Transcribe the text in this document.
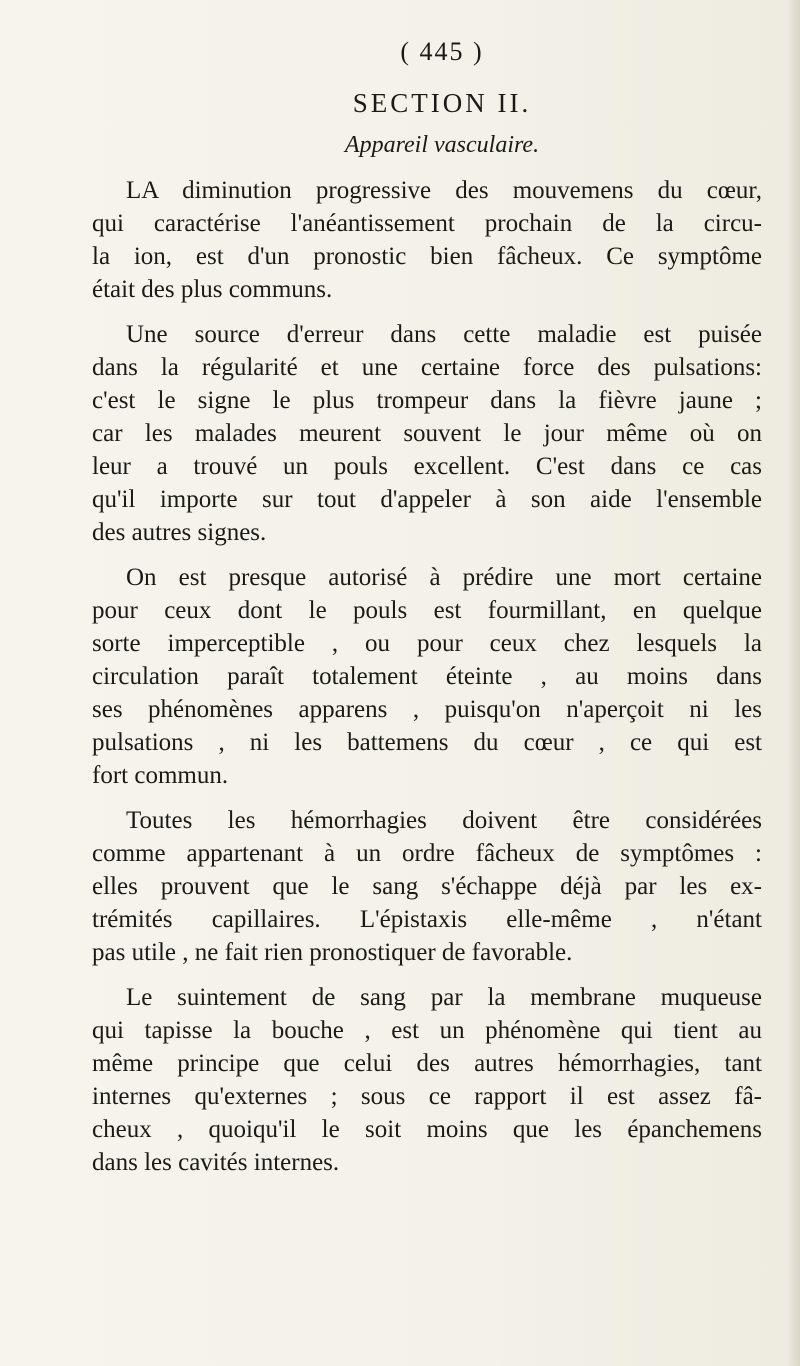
( 445 )
SECTION II.
Appareil vasculaire.

LA diminution progressive des mouvemens du cœur,
qui caractérise l'anéantissement prochain de la circu-
la ion, est d'un pronostic bien fâcheux. Ce symptôme
était des plus communs.

Une source d'erreur dans cette maladie est puisée
dans la régularité et une certaine force des pulsations:
c'est le signe le plus trompeur dans la fièvre jaune ;
car les malades meurent souvent le jour même où on
leur a trouvé un pouls excellent. C'est dans ce cas
qu'il importe sur tout d'appeler à son aide l'ensemble
des autres signes.

On est presque autorisé à prédire une mort certaine
pour ceux dont le pouls est fourmillant, en quelque
sorte imperceptible , ou pour ceux chez lesquels la
circulation paraît totalement éteinte , au moins dans
ses phénomènes apparens , puisqu'on n'aperçoit ni les
pulsations , ni les battemens du cœur , ce qui est
fort commun.

Toutes les hémorrhagies doivent être considérées
comme appartenant à un ordre fâcheux de symptômes :
elles prouvent que le sang s'échappe déjà par les ex-
trémités capillaires. L'épistaxis elle-même , n'étant
pas utile , ne fait rien pronostiquer de favorable.

Le suintement de sang par la membrane muqueuse
qui tapisse la bouche , est un phénomène qui tient au
même principe que celui des autres hémorrhagies, tant
internes qu'externes ; sous ce rapport il est assez fâ-
cheux , quoiqu'il le soit moins que les épanchemens
dans les cavités internes.
